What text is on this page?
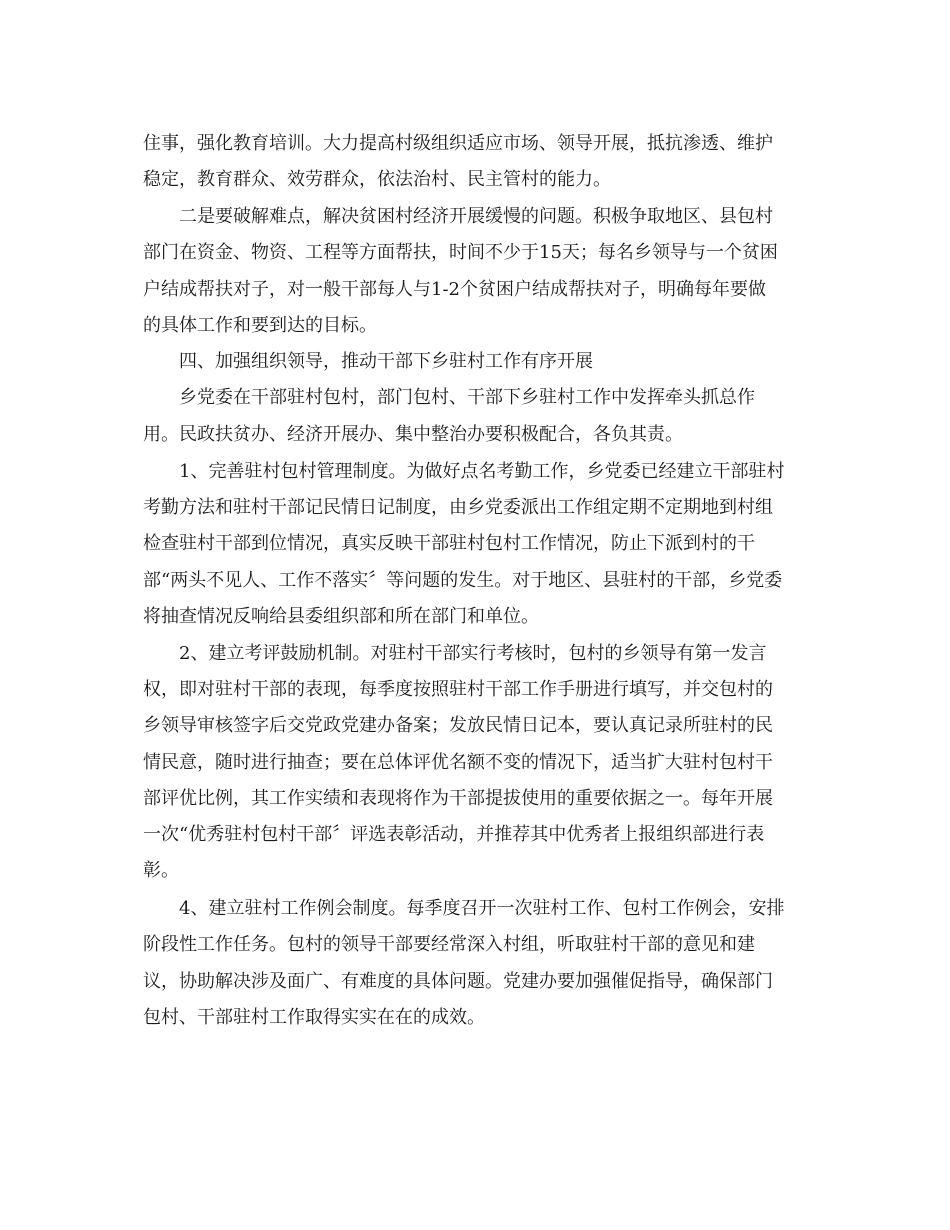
住事，强化教育培训。大力提高村级组织适应市场、领导开展，抵抗渗透、维护

稳定，教育群众、效劳群众，依法治村、民主管村的能力。

二是要破解难点，解决贫困村经济开展缓慢的问题。积极争取地区、县包村

部门在资金、物资、工程等方面帮扶，时间不少于15天；每名乡领导与一个贫困

户结成帮扶对子，对一般干部每人与1-2个贫困户结成帮扶对子，明确每年要做

的具体工作和要到达的目标。

四、加强组织领导，推动干部下乡驻村工作有序开展

乡党委在干部驻村包村，部门包村、干部下乡驻村工作中发挥牵头抓总作

用。民政扶贫办、经济开展办、集中整治办要积极配合，各负其责。

1、完善驻村包村管理制度。为做好点名考勤工作，乡党委已经建立干部驻村

考勤方法和驻村干部记民情日记制度，由乡党委派出工作组定期不定期地到村组

检查驻村干部到位情况，真实反映干部驻村包村工作情况，防止下派到村的干

部“两头不见人、工作不落实〞等问题的发生。对于地区、县驻村的干部，乡党委

将抽查情况反响给县委组织部和所在部门和单位。

2、建立考评鼓励机制。对驻村干部实行考核时，包村的乡领导有第一发言

权，即对驻村干部的表现，每季度按照驻村干部工作手册进行填写，并交包村的

乡领导审核签字后交党政党建办备案；发放民情日记本，要认真记录所驻村的民

情民意，随时进行抽查；要在总体评优名额不变的情况下，适当扩大驻村包村干

部评优比例，其工作实绩和表现将作为干部提拔使用的重要依据之一。每年开展

一次“优秀驻村包村干部〞评选表彰活动，并推荐其中优秀者上报组织部进行表

彰。

4、建立驻村工作例会制度。每季度召开一次驻村工作、包村工作例会，安排

阶段性工作任务。包村的领导干部要经常深入村组，听取驻村干部的意见和建

议，协助解决涉及面广、有难度的具体问题。党建办要加强催促指导，确保部门

包村、干部驻村工作取得实实在在的成效。
